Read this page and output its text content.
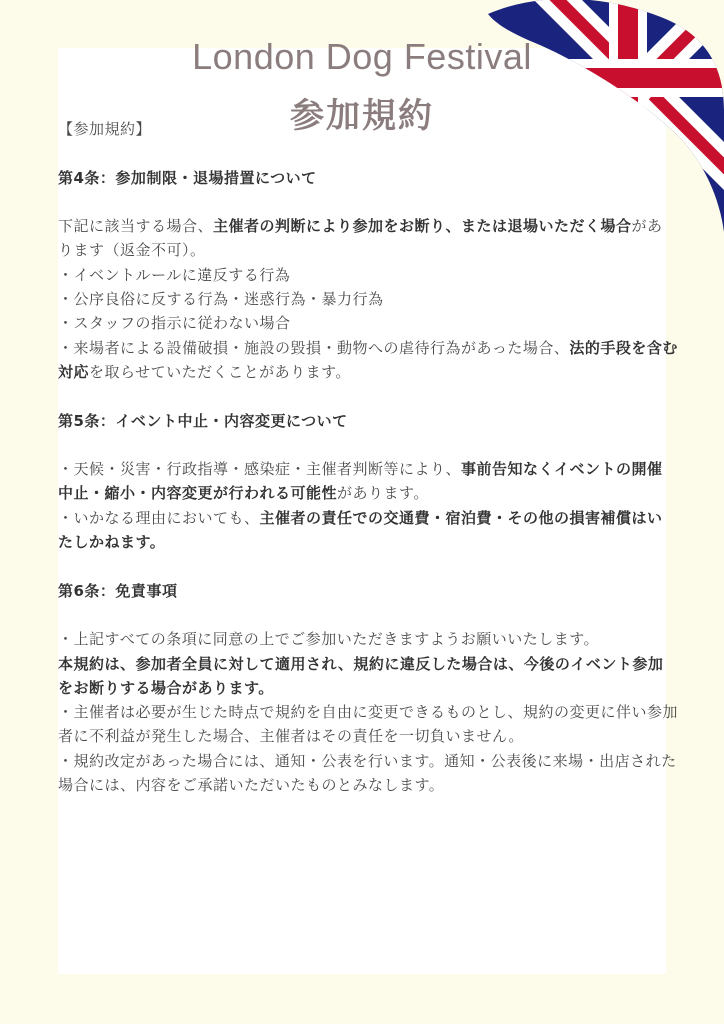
London Dog Festival
参加規約

【参加規約】

第4条：参加制限・退場措置について

下記に該当する場合、主催者の判断により参加をお断り、または退場いただく場合があります（返金不可）。

・イベントルールに違反する行為

・公序良俗に反する行為・迷惑行為・暴力行為

・スタッフの指示に従わない場合

・来場者による設備破損・施設の毀損・動物への虐待行為があった場合、法的手段を含む対応を取らせていただくことがあります。

第5条：イベント中止・内容変更について

・天候・災害・行政指導・感染症・主催者判断等により、事前告知なくイベントの開催中止・縮小・内容変更が行われる可能性があります。

・いかなる理由においても、主催者の責任での交通費・宿泊費・その他の損害補償はいたしかねます。

第6条：免責事項

・上記すべての条項に同意の上でご参加いただきますようお願いいたします。

本規約は、参加者全員に対して適用され、規約に違反した場合は、今後のイベント参加をお断りする場合があります。

・主催者は必要が生じた時点で規約を自由に変更できるものとし、規約の変更に伴い参加者に不利益が発生した場合、主催者はその責任を一切負いません。

・規約改定があった場合には、通知・公表を行います。通知・公表後に来場・出店された場合には、内容をご承諾いただいたものとみなします。
